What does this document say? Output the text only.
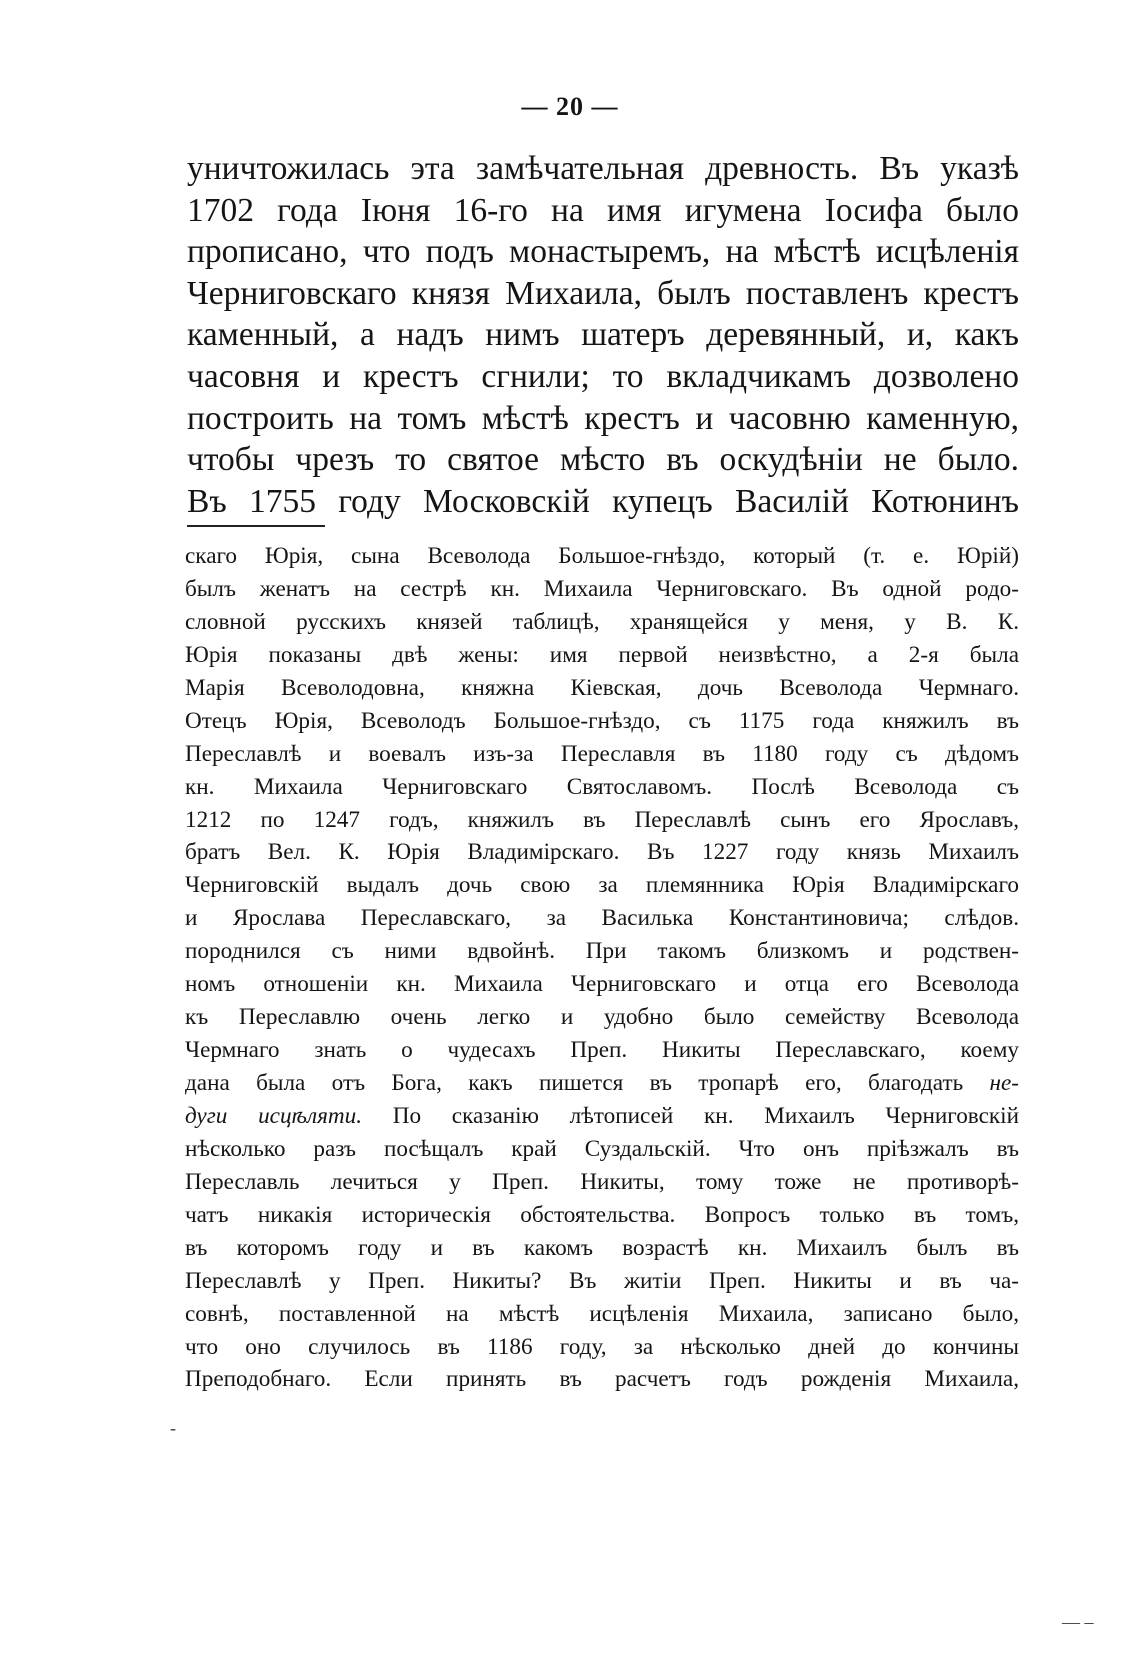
— 20 —
уничтожилась эта замѣчательная древность. Въ указѣ
1702 года Іюня 16-го на имя игумена Іосифа было
прописано, что подъ монастыремъ, на мѣстѣ исцѣленія
Черниговскаго князя Михаила, былъ поставленъ крестъ
каменный, а надъ нимъ шатеръ деревянный, и, какъ
часовня и крестъ сгнили; то вкладчикамъ дозволено
построить на томъ мѣстѣ крестъ и часовню каменную,
чтобы чрезъ то святое мѣсто въ оскудѣніи не было.
Въ 1755 году Московскій купецъ Василій Котюнинъ
скаго Юрія, сына Всеволода Большое-гнѣздо, который (т. е. Юрій)
былъ женатъ на сестрѣ кн. Михаила Черниговскаго. Въ одной родо-
словной русскихъ князей таблицѣ, хранящейся у меня, у В. К.
Юрія показаны двѣ жены: имя первой неизвѣстно, а 2-я была
Марія Всеволодовна, княжна Кіевская, дочь Всеволода Чермнаго.
Отецъ Юрія, Всеволодъ Большое-гнѣздо, съ 1175 года княжилъ въ
Переславлѣ и воевалъ изъ-за Переславля въ 1180 году съ дѣдомъ
кн. Михаила Черниговскаго Святославомъ. Послѣ Всеволода съ
1212 по 1247 годъ, княжилъ въ Переславлѣ сынъ его Ярославъ,
братъ Вел. К. Юрія Владимірскаго. Въ 1227 году князь Михаилъ
Черниговскій выдалъ дочь свою за племянника Юрія Владимірскаго
и Ярослава Переславскаго, за Василька Константиновича; слѣдов.
породнился съ ними вдвойнѣ. При такомъ близкомъ и родствен-
номъ отношеніи кн. Михаила Черниговскаго и отца его Всеволода
къ Переславлю очень легко и удобно было семейству Всеволода
Чермнаго знать о чудесахъ Преп. Никиты Переславскаго, коему
дана была отъ Бога, какъ пишется въ тропарѣ его, благодать не-
дуги исцѣляти. По сказанію лѣтописей кн. Михаилъ Черниговскій
нѣсколько разъ посѣщалъ край Суздальскій. Что онъ пріѣзжалъ въ
Переславль лечиться у Преп. Никиты, тому тоже не противорѣ-
чатъ никакія историческія обстоятельства. Вопросъ только въ томъ,
въ которомъ году и въ какомъ возрастѣ кн. Михаилъ былъ въ
Переславлѣ у Преп. Никиты? Въ житіи Преп. Никиты и въ ча-
совнѣ, поставленной на мѣстѣ исцѣленія Михаила, записано было,
что оно случилось въ 1186 году, за нѣсколько дней до кончины
Преподобнаго. Если принять въ расчетъ годъ рожденія Михаила,
-
— –
